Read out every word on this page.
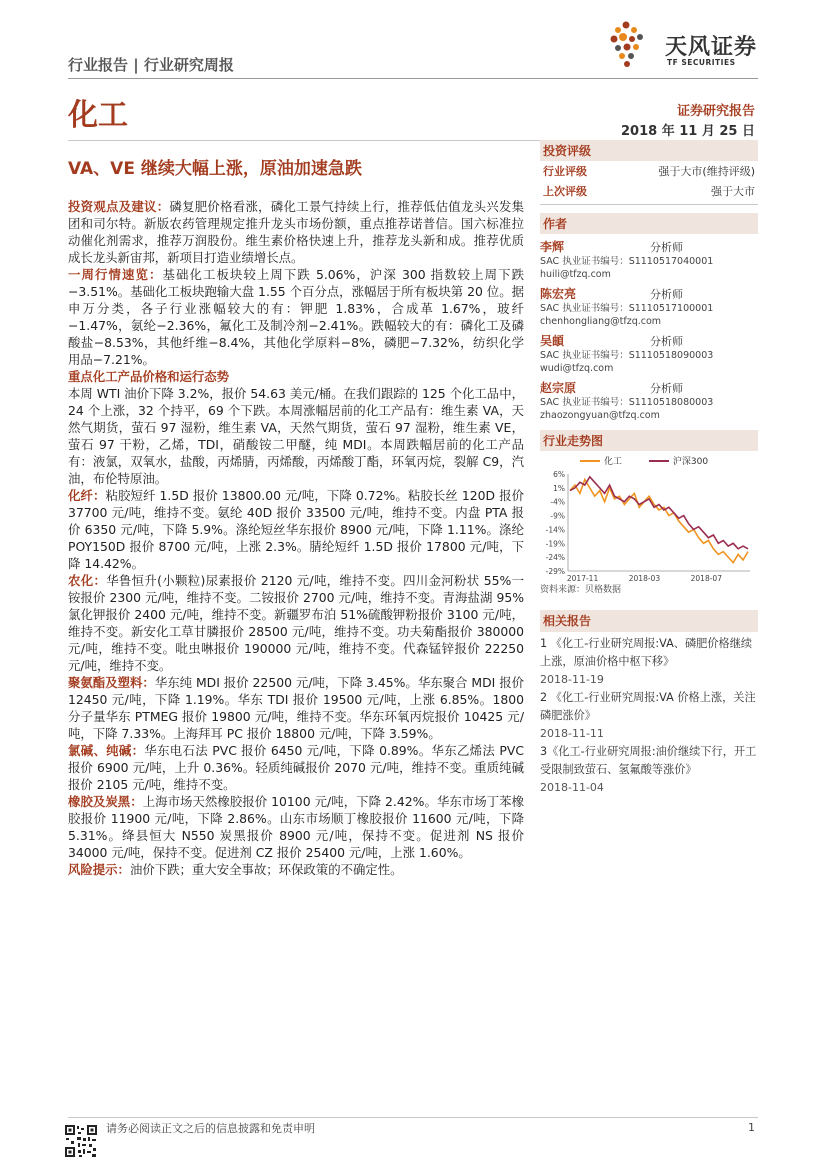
行业报告 | 行业研究周报
天风证券
TF SECURITIES
化工	证券研究报告
2018 年 11 月 25 日
VA、VE 继续大幅上涨，原油加速急跌

投资观点及建议：磷复肥价格看涨，磷化工景气持续上行，推荐低估值龙头兴发集团和司尔特。新版农药管理规定推升龙头市场份额，重点推荐诺普信。国六标准拉动催化剂需求，推荐万润股份。维生素价格快速上升，推荐龙头新和成。推荐优质成长龙头新宙邦，新项目打造业绩增长点。

一周行情速览：基础化工板块较上周下跌 5.06%，沪深 300 指数较上周下跌−3.51%。基础化工板块跑输大盘 1.55 个百分点，涨幅居于所有板块第 20 位。据申万分类，各子行业涨幅较大的有：钾肥 1.83%，合成革 1.67%，玻纤−1.47%，氨纶−2.36%，氟化工及制冷剂−2.41%。跌幅较大的有：磷化工及磷酸盐−8.53%，其他纤维−8.4%，其他化学原料−8%，磷肥−7.32%，纺织化学用品−7.21%。

重点化工产品价格和运行态势

本周 WTI 油价下降 3.2%，报价 54.63 美元/桶。在我们跟踪的 125 个化工品中，24 个上涨，32 个持平，69 个下跌。本周涨幅居前的化工产品有：维生素 VA，天然气期货，萤石 97 湿粉，维生素 VA，天然气期货，萤石 97 湿粉，维生素 VE，萤石 97 干粉，乙烯，TDI，硝酸铵二甲醚，纯 MDI。本周跌幅居前的化工产品有：液氯，双氧水，盐酸，丙烯腈，丙烯酸，丙烯酸丁酯，环氧丙烷，裂解 C9，汽油，布伦特原油。

化纤：粘胶短纤 1.5D 报价 13800.00 元/吨，下降 0.72%。粘胶长丝 120D 报价 37700 元/吨，维持不变。氨纶 40D 报价 33500 元/吨，维持不变。内盘 PTA 报价 6350 元/吨，下降 5.9%。涤纶短丝华东报价 8900 元/吨，下降 1.11%。涤纶 POY150D 报价 8700 元/吨，上涨 2.3%。腈纶短纤 1.5D 报价 17800 元/吨，下降 14.42%。

农化：华鲁恒升(小颗粒)尿素报价 2120 元/吨，维持不变。四川金河粉状 55%一铵报价 2300 元/吨，维持不变。二铵报价 2700 元/吨，维持不变。青海盐湖 95%氯化钾报价 2400 元/吨，维持不变。新疆罗布泊 51%硫酸钾粉报价 3100 元/吨，维持不变。新安化工草甘膦报价 28500 元/吨，维持不变。功夫菊酯报价 380000 元/吨，维持不变。吡虫啉报价 190000 元/吨，维持不变。代森锰锌报价 22250 元/吨，维持不变。

聚氨酯及塑料：华东纯 MDI 报价 22500 元/吨，下降 3.45%。华东聚合 MDI 报价 12450 元/吨，下降 1.19%。华东 TDI 报价 19500 元/吨，上涨 6.85%。1800 分子量华东 PTMEG 报价 19800 元/吨，维持不变。华东环氧丙烷报价 10425 元/吨，下降 7.33%。上海拜耳 PC 报价 18800 元/吨，下降 3.59%。

氯碱、纯碱：华东电石法 PVC 报价 6450 元/吨，下降 0.89%。华东乙烯法 PVC 报价 6900 元/吨，上升 0.36%。轻质纯碱报价 2070 元/吨，维持不变。重质纯碱报价 2105 元/吨，维持不变。

橡胶及炭黑：上海市场天然橡胶报价 10100 元/吨，下降 2.42%。华东市场丁苯橡胶报价 11900 元/吨，下降 2.86%。山东市场顺丁橡胶报价 11600 元/吨，下降 5.31%。绛县恒大 N550 炭黑报价 8900 元/吨，保持不变。促进剂 NS 报价 34000 元/吨，保持不变。促进剂 CZ 报价 25400 元/吨，上涨 1.60%。

风险提示：油价下跌；重大安全事故；环保政策的不确定性。

投资评级
行业评级	强于大市(维持评级)
上次评级	强于大市
作者
李辉	分析师
SAC 执业证书编号：S1110517040001
huili@tfzq.com
陈宏亮	分析师
SAC 执业证书编号：S1110517100001
chenhongliang@tfzq.com
吴頔	分析师
SAC 执业证书编号：S1110518090003
wudi@tfzq.com
赵宗原	分析师
SAC 执业证书编号：S1110518080003
zhaozongyuan@tfzq.com
行业走势图
化工
	沪深300
6%
1%
-4%
-9%
-14%
-19%
-24%
-29%
2017-11	2018-03	2018-07
资料来源：贝格数据
相关报告
1 《化工-行业研究周报:VA、磷肥价格继续上涨，原油价格中枢下移》
2018-11-19
2 《化工-行业研究周报:VA 价格上涨，关注磷肥涨价》
2018-11-11
3《化工-行业研究周报:油价继续下行，开工受限制致萤石、氢氟酸等涨价》
2018-11-04
请务必阅读正文之后的信息披露和免责申明	1
